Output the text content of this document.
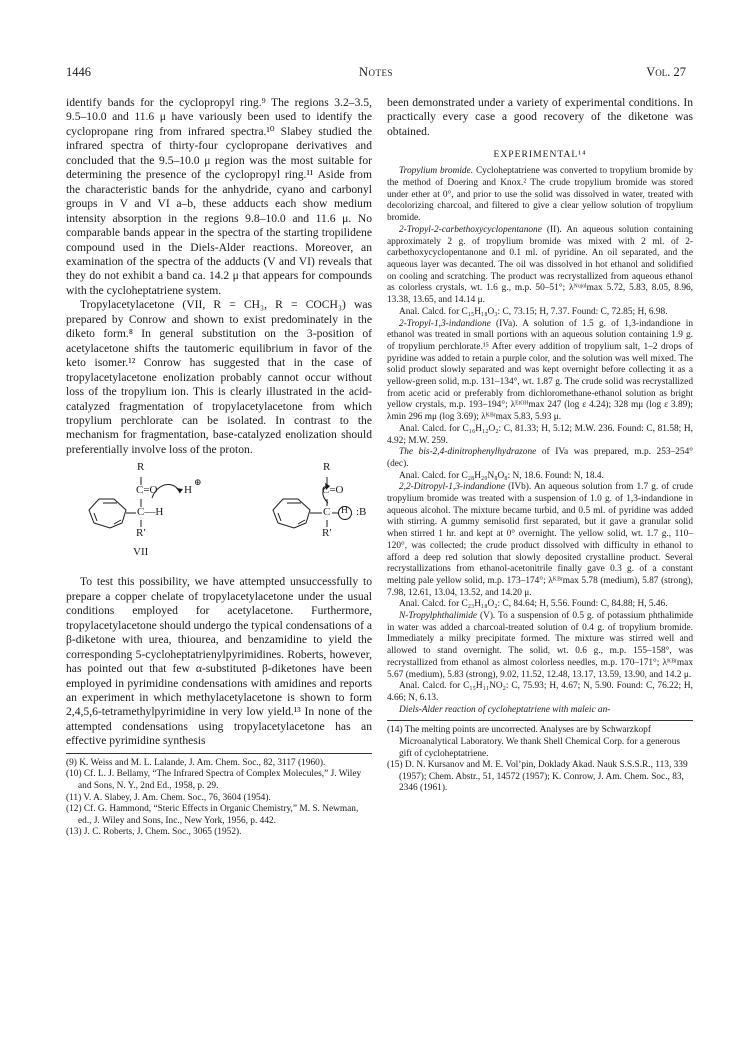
1446	Notes	Vol. 27

identify bands for the cyclopropyl ring.⁹ The regions 3.2–3.5, 9.5–10.0 and 11.6 μ have variously been used to identify the cyclopropane ring from infrared spectra.¹⁰ Slabey studied the infrared spectra of thirty-four cyclopropane derivatives and concluded that the 9.5–10.0 μ region was the most suitable for determining the presence of the cyclopropyl ring.¹¹ Aside from the characteristic bands for the anhydride, cyano and carbonyl groups in V and VI a–b, these adducts each show medium intensity absorption in the regions 9.8–10.0 and 11.6 μ. No comparable bands appear in the spectra of the starting tropilidene compound used in the Diels-Alder reactions. Moreover, an examination of the spectra of the adducts (V and VI) reveals that they do not exhibit a band ca. 14.2 μ that appears for compounds with the cycloheptatriene system.

Tropylacetylacetone (VII, R = CH₃, R = COCH₃) was prepared by Conrow and shown to exist predominately in the diketo form.⁸ In general substitution on the 3-position of acetylacetone shifts the tautomeric equilibrium in favor of the keto isomer.¹² Conrow has suggested that in the case of tropylacetylacetone enolization probably cannot occur without loss of the tropylium ion. This is clearly illustrated in the acid-catalyzed fragmentation of tropylacetylacetone from which tropylium perchlorate can be isolated. In contrast to the mechanism for fragmentation, base-catalyzed enolization should preferentially involve loss of the proton.

R
C=O H
⊕
C—H
R′
VII
R
C=O
C H :B
R′

To test this possibility, we have attempted unsuccessfully to prepare a copper chelate of tropylacetylacetone under the usual conditions employed for acetylacetone. Furthermore, tropylacetylacetone should undergo the typical condensations of a β-diketone with urea, thiourea, and benzamidine to yield the corresponding 5-cycloheptatrienylpyrimidines. Roberts, however, has pointed out that few α-substituted β-diketones have been employed in pyrimidine condensations with amidines and reports an experiment in which methylacetylacetone is shown to form 2,4,5,6-tetramethylpyrimidine in very low yield.¹³ In none of the attempted condensations using tropylacetylacetone has an effective pyrimidine synthesis

(9) K. Weiss and M. L. Lalande, J. Am. Chem. Soc., 82, 3117 (1960).

(10) Cf. L. J. Bellamy, “The Infrared Spectra of Complex Molecules,” J. Wiley and Sons, N. Y., 2nd Ed., 1958, p. 29.

(11) V. A. Slabey, J. Am. Chem. Soc., 76, 3604 (1954).

(12) Cf. G. Hammond, “Steric Effects in Organic Chemistry,” M. S. Newman, ed., J. Wiley and Sons, Inc., New York, 1956, p. 442.

(13) J. C. Roberts, J. Chem. Soc., 3065 (1952).

been demonstrated under a variety of experimental conditions. In practically every case a good recovery of the diketone was obtained.

EXPERIMENTAL¹⁴

Tropylium bromide. Cycloheptatriene was converted to tropylium bromide by the method of Doering and Knox.² The crude tropylium bromide was stored under ether at 0°, and prior to use the solid was dissolved in water, treated with decolorizing charcoal, and filtered to give a clear yellow solution of tropylium bromide.

2-Tropyl-2-carbethoxycyclopentanone (II). An aqueous solution containing approximately 2 g. of tropylium bromide was mixed with 2 ml. of 2-carbethoxycyclopentanone and 0.1 ml. of pyridine. An oil separated, and the aqueous layer was decanted. The oil was dissolved in hot ethanol and solidified on cooling and scratching. The product was recrystallized from aqueous ethanol as colorless crystals, wt. 1.6 g., m.p. 50–51°; λᴺᵘʲᵒˡmax 5.72, 5.83, 8.05, 8.96, 13.38, 13.65, and 14.14 μ.

Anal. Calcd. for C₁₅H₁₈O₃: C, 73.15; H, 7.37. Found: C, 72.85; H, 6.98.

2-Tropyl-1,3-indandione (IVa). A solution of 1.5 g. of 1,3-indandione in ethanol was treated in small portions with an aqueous solution containing 1.9 g. of tropylium perchlorate.¹⁵ After every addition of tropylium salt, 1–2 drops of pyridine was added to retain a purple color, and the solution was well mixed. The solid product slowly separated and was kept overnight before collecting it as a yellow-green solid, m.p. 131–134°, wt. 1.87 g. The crude solid was recrystallized from acetic acid or preferably from dichloromethane-ethanol solution as bright yellow crystals, m.p. 193–194°; λᴱᵗᴼᴴmax 247 (log ε 4.24); 328 mμ (log ε 3.89); λmin 296 mμ (log 3.69); λᴷᴮʳmax 5.83, 5.93 μ.

Anal. Calcd. for C₁₆H₁₂O₂: C, 81.33; H, 5.12; M.W. 236. Found: C, 81.58; H, 4.92; M.W. 259.

The bis-2,4-dinitrophenylhydrazone of IVa was prepared, m.p. 253–254° (dec).

Anal. Calcd. for C₂₈H₂₀N₈O₈: N, 18.6. Found: N, 18.4.

2,2-Ditropyl-1,3-indandione (IVb). An aqueous solution from 1.7 g. of crude tropylium bromide was treated with a suspension of 1.0 g. of 1,3-indandione in aqueous alcohol. The mixture became turbid, and 0.5 ml. of pyridine was added with stirring. A gummy semisolid first separated, but it gave a granular solid when stirred 1 hr. and kept at 0° overnight. The yellow solid, wt. 1.7 g., 110–120°, was collected; the crude product dissolved with difficulty in ethanol to afford a deep red solution that slowly deposited crystalline product. Several recrystallizations from ethanol-acetonitrile finally gave 0.3 g. of a constant melting pale yellow solid, m.p. 173–174°; λᴷᴮʳmax 5.78 (medium), 5.87 (strong), 7.98, 12.61, 13.04, 13.52, and 14.20 μ.

Anal. Calcd. for C₂₃H₁₈O₂: C, 84.64; H, 5.56. Found: C, 84.88; H, 5.46.

N-Tropylphthalimide (V). To a suspension of 0.5 g. of potassium phthalimide in water was added a charcoal-treated solution of 0.4 g. of tropylium bromide. Immediately a milky precipitate formed. The mixture was stirred well and allowed to stand overnight. The solid, wt. 0.6 g., m.p. 155–158°, was recrystallized from ethanol as almost colorless needles, m.p. 170–171°; λᴷᴮʳmax 5.67 (medium), 5.83 (strong), 9.02, 11.52, 12.48, 13.17, 13.59, 13.90, and 14.2 μ.

Anal. Calcd. for C₁₅H₁₁NO₂: C, 75.93; H, 4.67; N, 5.90. Found: C, 76.22; H, 4.66; N, 6.13.

Diels-Alder reaction of cycloheptatriene with maleic an-

(14) The melting points are uncorrected. Analyses are by Schwarzkopf Microanalytical Laboratory. We thank Shell Chemical Corp. for a generous gift of cycloheptatriene.

(15) D. N. Kursanov and M. E. Vol’pin, Doklady Akad. Nauk S.S.S.R., 113, 339 (1957); Chem. Abstr., 51, 14572 (1957); K. Conrow, J. Am. Chem. Soc., 83, 2346 (1961).
